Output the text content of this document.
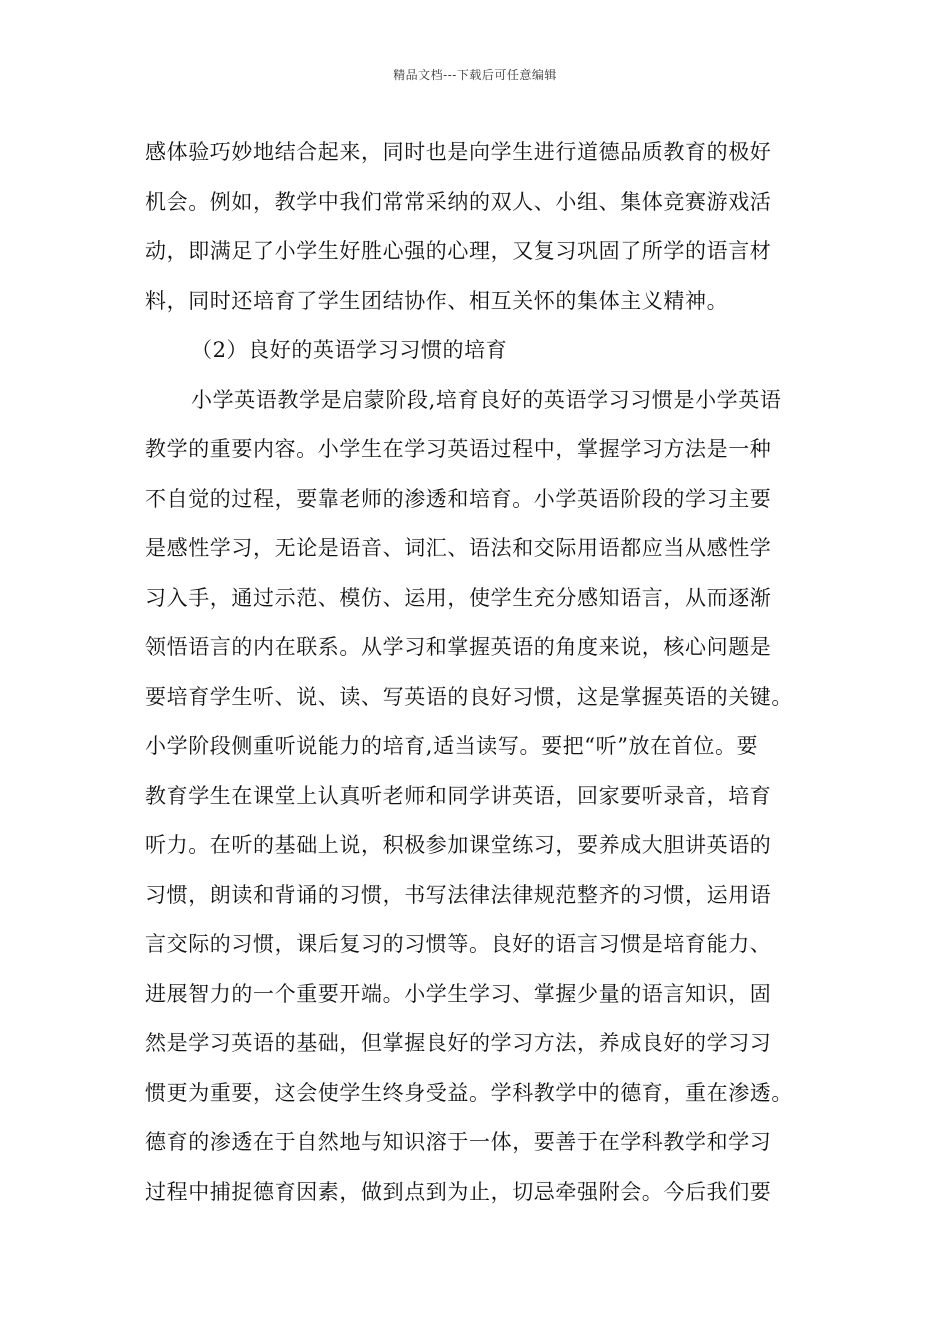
精品文档---下载后可任意编辑
感体验巧妙地结合起来，同时也是向学生进行道德品质教育的极好
机会。例如，教学中我们常常采纳的双人、小组、集体竞赛游戏活
动，即满足了小学生好胜心强的心理，又复习巩固了所学的语言材
料，同时还培育了学生团结协作、相互关怀的集体主义精神。
（2）良好的英语学习习惯的培育
小学英语教学是启蒙阶段,培育良好的英语学习习惯是小学英语
教学的重要内容。小学生在学习英语过程中，掌握学习方法是一种
不自觉的过程，要靠老师的渗透和培育。小学英语阶段的学习主要
是感性学习，无论是语音、词汇、语法和交际用语都应当从感性学
习入手，通过示范、模仿、运用，使学生充分感知语言，从而逐渐
领悟语言的内在联系。从学习和掌握英语的角度来说，核心问题是
要培育学生听、说、读、写英语的良好习惯，这是掌握英语的关键。
小学阶段侧重听说能力的培育,适当读写。要把“听”放在首位。要
教育学生在课堂上认真听老师和同学讲英语，回家要听录音，培育
听力。在听的基础上说，积极参加课堂练习，要养成大胆讲英语的
习惯，朗读和背诵的习惯，书写法律法律规范整齐的习惯，运用语
言交际的习惯，课后复习的习惯等。良好的语言习惯是培育能力、
进展智力的一个重要开端。小学生学习、掌握少量的语言知识，固
然是学习英语的基础，但掌握良好的学习方法，养成良好的学习习
惯更为重要，这会使学生终身受益。学科教学中的德育，重在渗透。
德育的渗透在于自然地与知识溶于一体，要善于在学科教学和学习
过程中捕捉德育因素，做到点到为止，切忌牵强附会。今后我们要
